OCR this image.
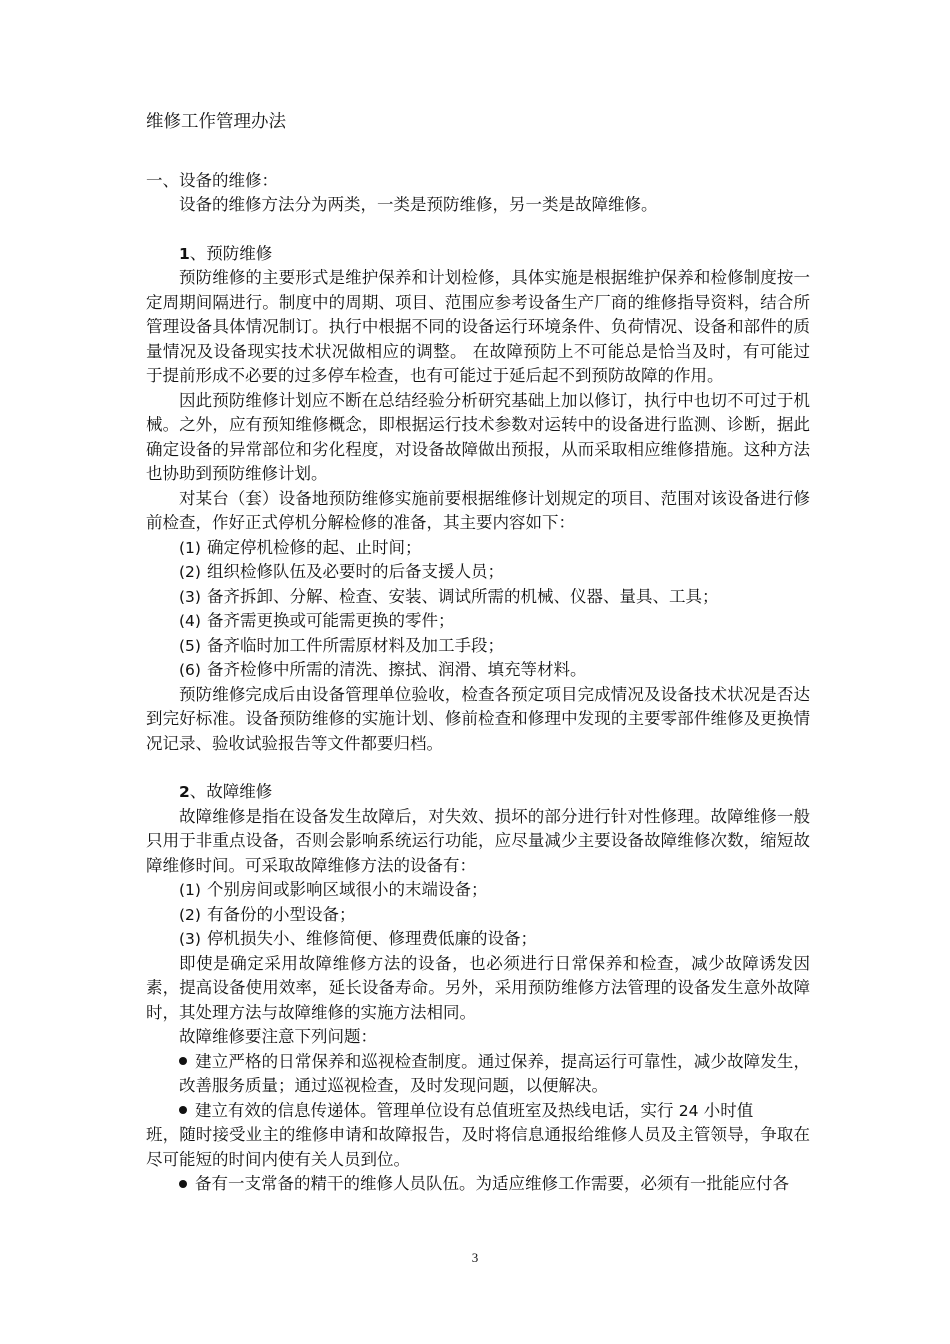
维修工作管理办法

一、设备的维修：

设备的维修方法分为两类，一类是预防维修，另一类是故障维修。

1、预防维修

预防维修的主要形式是维护保养和计划检修，具体实施是根据维护保养和检修制度按一定周期间隔进行。制度中的周期、项目、范围应参考设备生产厂商的维修指导资料，结合所管理设备具体情况制订。执行中根据不同的设备运行环境条件、负荷情况、设备和部件的质量情况及设备现实技术状况做相应的调整。 在故障预防上不可能总是恰当及时，有可能过于提前形成不必要的过多停车检查，也有可能过于延后起不到预防故障的作用。

因此预防维修计划应不断在总结经验分析研究基础上加以修订，执行中也切不可过于机械。之外，应有预知维修概念，即根据运行技术参数对运转中的设备进行监测、诊断，据此确定设备的异常部位和劣化程度，对设备故障做出预报，从而采取相应维修措施。这种方法也协助到预防维修计划。

对某台（套）设备地预防维修实施前要根据维修计划规定的项目、范围对该设备进行修前检查，作好正式停机分解检修的准备，其主要内容如下：

(1) 确定停机检修的起、止时间；

(2) 组织检修队伍及必要时的后备支援人员；

(3) 备齐拆卸、分解、检查、安装、调试所需的机械、仪器、量具、工具；

(4) 备齐需更换或可能需更换的零件；

(5) 备齐临时加工件所需原材料及加工手段；

(6) 备齐检修中所需的清洗、擦拭、润滑、填充等材料。

预防维修完成后由设备管理单位验收，检查各预定项目完成情况及设备技术状况是否达到完好标准。设备预防维修的实施计划、修前检查和修理中发现的主要零部件维修及更换情况记录、验收试验报告等文件都要归档。

2、故障维修

故障维修是指在设备发生故障后，对失效、损坏的部分进行针对性修理。故障维修一般只用于非重点设备，否则会影响系统运行功能，应尽量减少主要设备故障维修次数，缩短故障维修时间。可采取故障维修方法的设备有：

(1) 个别房间或影响区域很小的末端设备；

(2) 有备份的小型设备；

(3) 停机损失小、维修简便、修理费低廉的设备；

即使是确定采用故障维修方法的设备，也必须进行日常保养和检查，减少故障诱发因素，提高设备使用效率，延长设备寿命。另外，采用预防维修方法管理的设备发生意外故障时，其处理方法与故障维修的实施方法相同。

故障维修要注意下列问题：

建立严格的日常保养和巡视检查制度。通过保养，提高运行可靠性，减少故障发生，改善服务质量；通过巡视检查，及时发现问题，以便解决。

建立有效的信息传递体。管理单位设有总值班室及热线电话，实行 24 小时值

班，随时接受业主的维修申请和故障报告，及时将信息通报给维修人员及主管领导，争取在尽可能短的时间内使有关人员到位。

备有一支常备的精干的维修人员队伍。为适应维修工作需要，必须有一批能应付各

3
